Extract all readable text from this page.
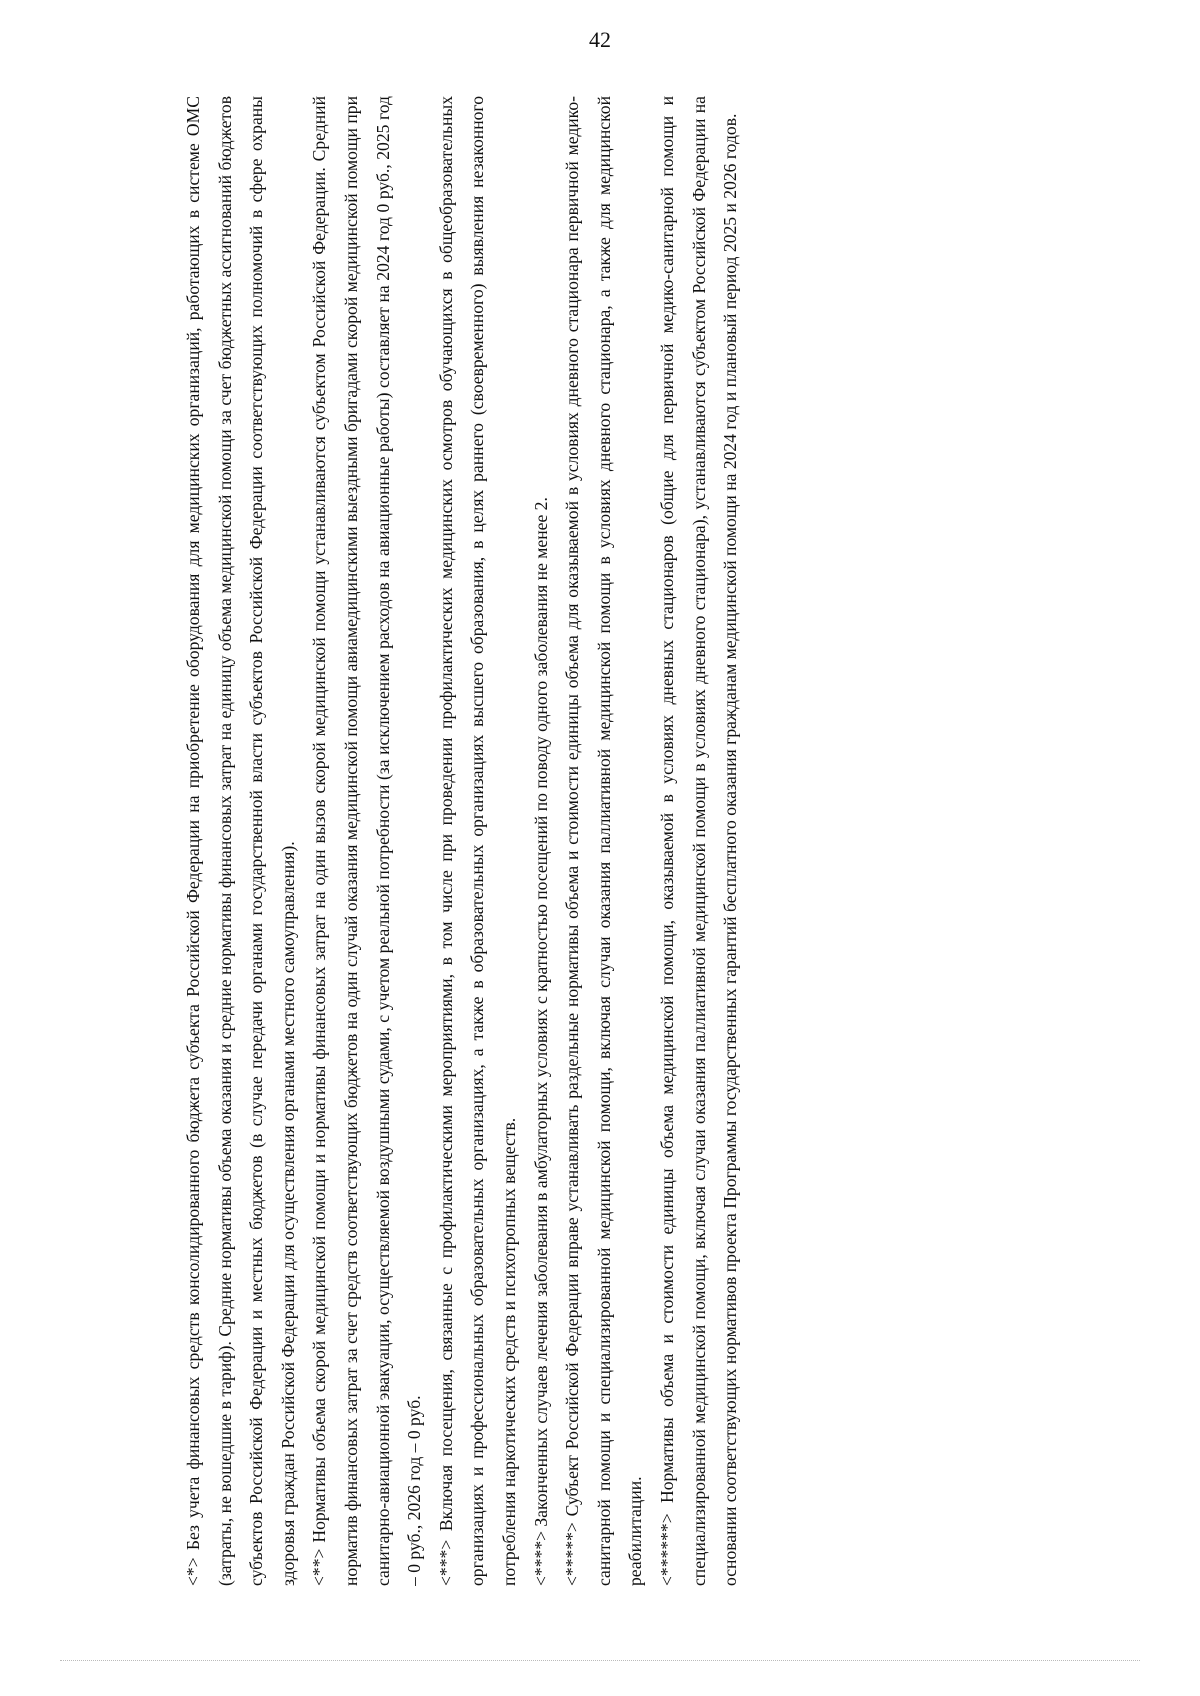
42

<*> Без учета финансовых средств консолидированного бюджета субъекта Российской Федерации на приобретение оборудования для медицинских организаций, работающих в системе ОМС (затраты, не вошедшие в тариф). Средние нормативы объема оказания и средние нормативы финансовых затрат на единицу объема медицинской помощи за счет бюджетных ассигнований бюджетов субъектов Российской Федерации и местных бюджетов (в случае передачи органами государственной власти субъектов Российской Федерации соответствующих полномочий в сфере охраны здоровья граждан Российской Федерации для осуществления органами местного самоуправления). <**> Нормативы объема скорой медицинской помощи и нормативы финансовых затрат на один вызов скорой медицинской помощи устанавливаются субъектом Российской Федерации. Средний норматив финансовых затрат за счет средств соответствующих бюджетов на один случай оказания медицинской помощи авиамедицинскими выездными бригадами скорой медицинской помощи при санитарно-авиационной эвакуации, осуществляемой воздушными судами, с учетом реальной потребности (за исключением расходов на авиационные работы) составляет на 2024 год 0 руб., 2025 год – 0 руб., 2026 год – 0 руб. <***> Включая посещения, связанные с профилактическими мероприятиями, в том числе при проведении профилактических медицинских осмотров обучающихся в общеобразовательных организациях и профессиональных образовательных организациях, а также в образовательных организациях высшего образования, в целях раннего (своевременного) выявления незаконного потребления наркотических средств и психотропных веществ. <****> Законченных случаев лечения заболевания в амбулаторных условиях с кратностью посещений по поводу одного заболевания не менее 2. <*****> Субъект Российской Федерации вправе устанавливать раздельные нормативы объема и стоимости единицы объема для оказываемой в условиях дневного стационара первичной медико-санитарной помощи и специализированной медицинской помощи, включая случаи оказания паллиативной медицинской помощи в условиях дневного стационара, а также для медицинской реабилитации. <******> Нормативы объема и стоимости единицы объема медицинской помощи, оказываемой в условиях дневных стационаров (общие для первичной медико-санитарной помощи и специализированной медицинской помощи, включая случаи оказания паллиативной медицинской помощи в условиях дневного стационара), устанавливаются субъектом Российской Федерации на основании соответствующих нормативов проекта Программы государственных гарантий бесплатного оказания гражданам медицинской помощи на 2024 год и плановый период 2025 и 2026 годов.
